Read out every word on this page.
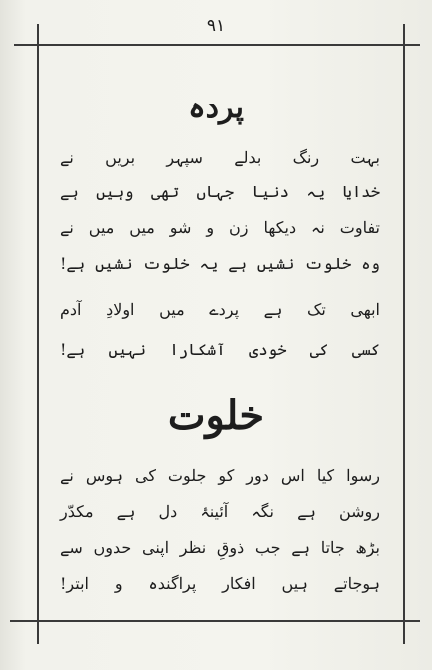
۹۱
پردہ
بہت رنگ بدلے سپہر بریں نے
خدایا یہ دنیا جہاں تھی وہیں ہے
تفاوت نہ دیکھا زن و شو میں میں نے
وہ خلوت نشیں ہے یہ خلوت نشیں ہے!
ابھی تک ہے پردے میں اولادِ آدم
کسی کی خودی آشکارا نہیں ہے!
خلوت
رسوا کیا اس دور کو جلوت کی ہوس نے
روشن ہے نگہ آئینۂ دل ہے مکدّر
بڑھ جاتا ہے جب ذوقِ نظر اپنی حدوں سے
ہوجاتے ہیں افکار پراگندہ و ابتر!
